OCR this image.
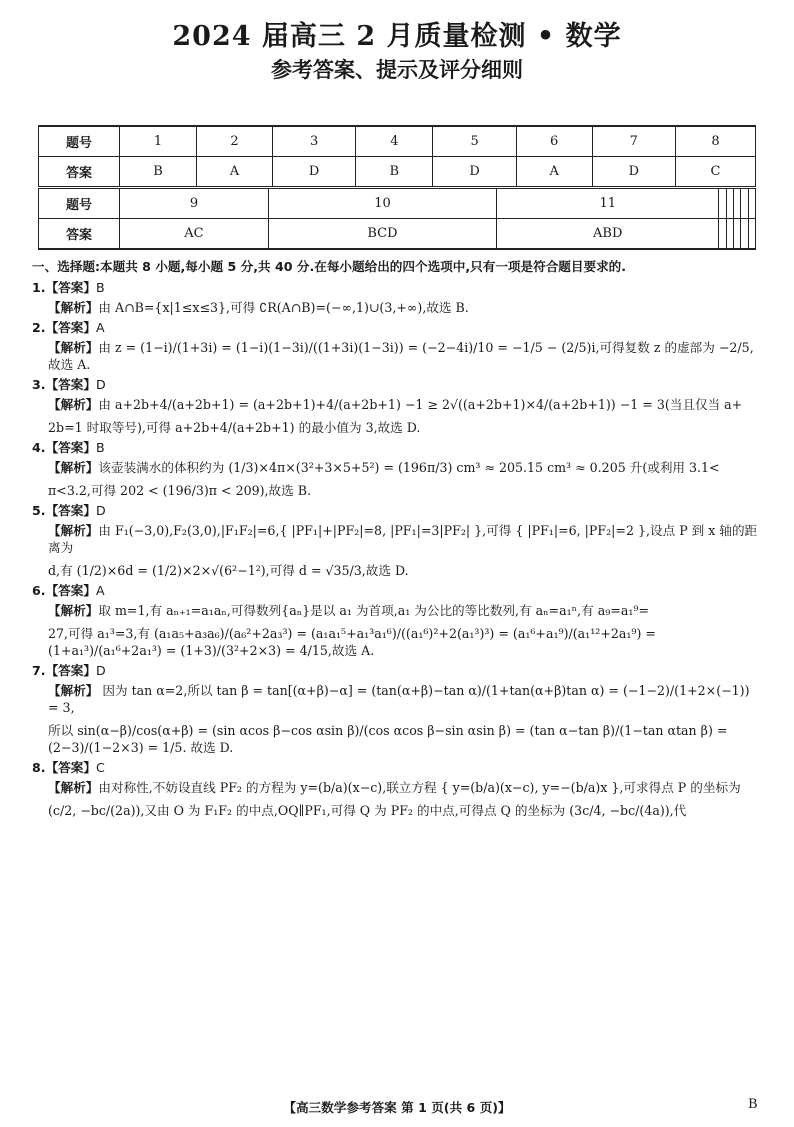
2024 届高三 2 月质量检测 • 数学
参考答案、提示及评分细则
题号	1	2	3	4	5	6	7	8
答案	B	A	D	B	D	A	D	C
题号	9	10	11					
答案	AC	BCD	ABD					
一、选择题:本题共 8 小题,每小题 5 分,共 40 分.在每小题给出的四个选项中,只有一项是符合题目要求的.
1.【答案】B
【解析】由 A∩B={x|1≤x≤3},可得 ∁R(A∩B)=(−∞,1)∪(3,+∞),故选 B.
2.【答案】A
【解析】由 z = (1−i)/(1+3i) = (1−i)(1−3i)/((1+3i)(1−3i)) = (−2−4i)/10 = −1/5 − (2/5)i,可得复数 z 的虚部为 −2/5,故选 A.
3.【答案】D
【解析】由 a+2b+4/(a+2b+1) = (a+2b+1)+4/(a+2b+1) −1 ≥ 2√((a+2b+1)×4/(a+2b+1)) −1 = 3(当且仅当 a+
2b=1 时取等号),可得 a+2b+4/(a+2b+1) 的最小值为 3,故选 D.
4.【答案】B
【解析】该壶装满水的体积约为 (1/3)×4π×(3²+3×5+5²) = (196π/3) cm³ ≈ 205.15 cm³ ≈ 0.205 升(或利用 3.1<
π<3.2,可得 202 < (196/3)π < 209),故选 B.
5.【答案】D
【解析】由 F₁(−3,0),F₂(3,0),|F₁F₂|=6,{ |PF₁|+|PF₂|=8, |PF₁|=3|PF₂| },可得 { |PF₁|=6, |PF₂|=2 },设点 P 到 x 轴的距离为
d,有 (1/2)×6d = (1/2)×2×√(6²−1²),可得 d = √35/3,故选 D.
6.【答案】A
【解析】取 m=1,有 aₙ₊₁=a₁aₙ,可得数列{aₙ}是以 a₁ 为首项,a₁ 为公比的等比数列,有 aₙ=a₁ⁿ,有 a₉=a₁⁹=
27,可得 a₁³=3,有 (a₁a₅+a₃a₆)/(a₆²+2a₃³) = (a₁a₁⁵+a₁³a₁⁶)/((a₁⁶)²+2(a₁³)³) = (a₁⁶+a₁⁹)/(a₁¹²+2a₁⁹) = (1+a₁³)/(a₁⁶+2a₁³) = (1+3)/(3²+2×3) = 4/15,故选 A.
7.【答案】D
【解析】 因为 tan α=2,所以 tan β = tan[(α+β)−α] = (tan(α+β)−tan α)/(1+tan(α+β)tan α) = (−1−2)/(1+2×(−1)) = 3,
所以 sin(α−β)/cos(α+β) = (sin αcos β−cos αsin β)/(cos αcos β−sin αsin β) = (tan α−tan β)/(1−tan αtan β) = (2−3)/(1−2×3) = 1/5. 故选 D.
8.【答案】C
【解析】由对称性,不妨设直线 PF₂ 的方程为 y=(b/a)(x−c),联立方程 { y=(b/a)(x−c), y=−(b/a)x },可求得点 P 的坐标为
(c/2, −bc/(2a)),又由 O 为 F₁F₂ 的中点,OQ∥PF₁,可得 Q 为 PF₂ 的中点,可得点 Q 的坐标为 (3c/4, −bc/(4a)),代
【高三数学参考答案 第 1 页(共 6 页)】	B
